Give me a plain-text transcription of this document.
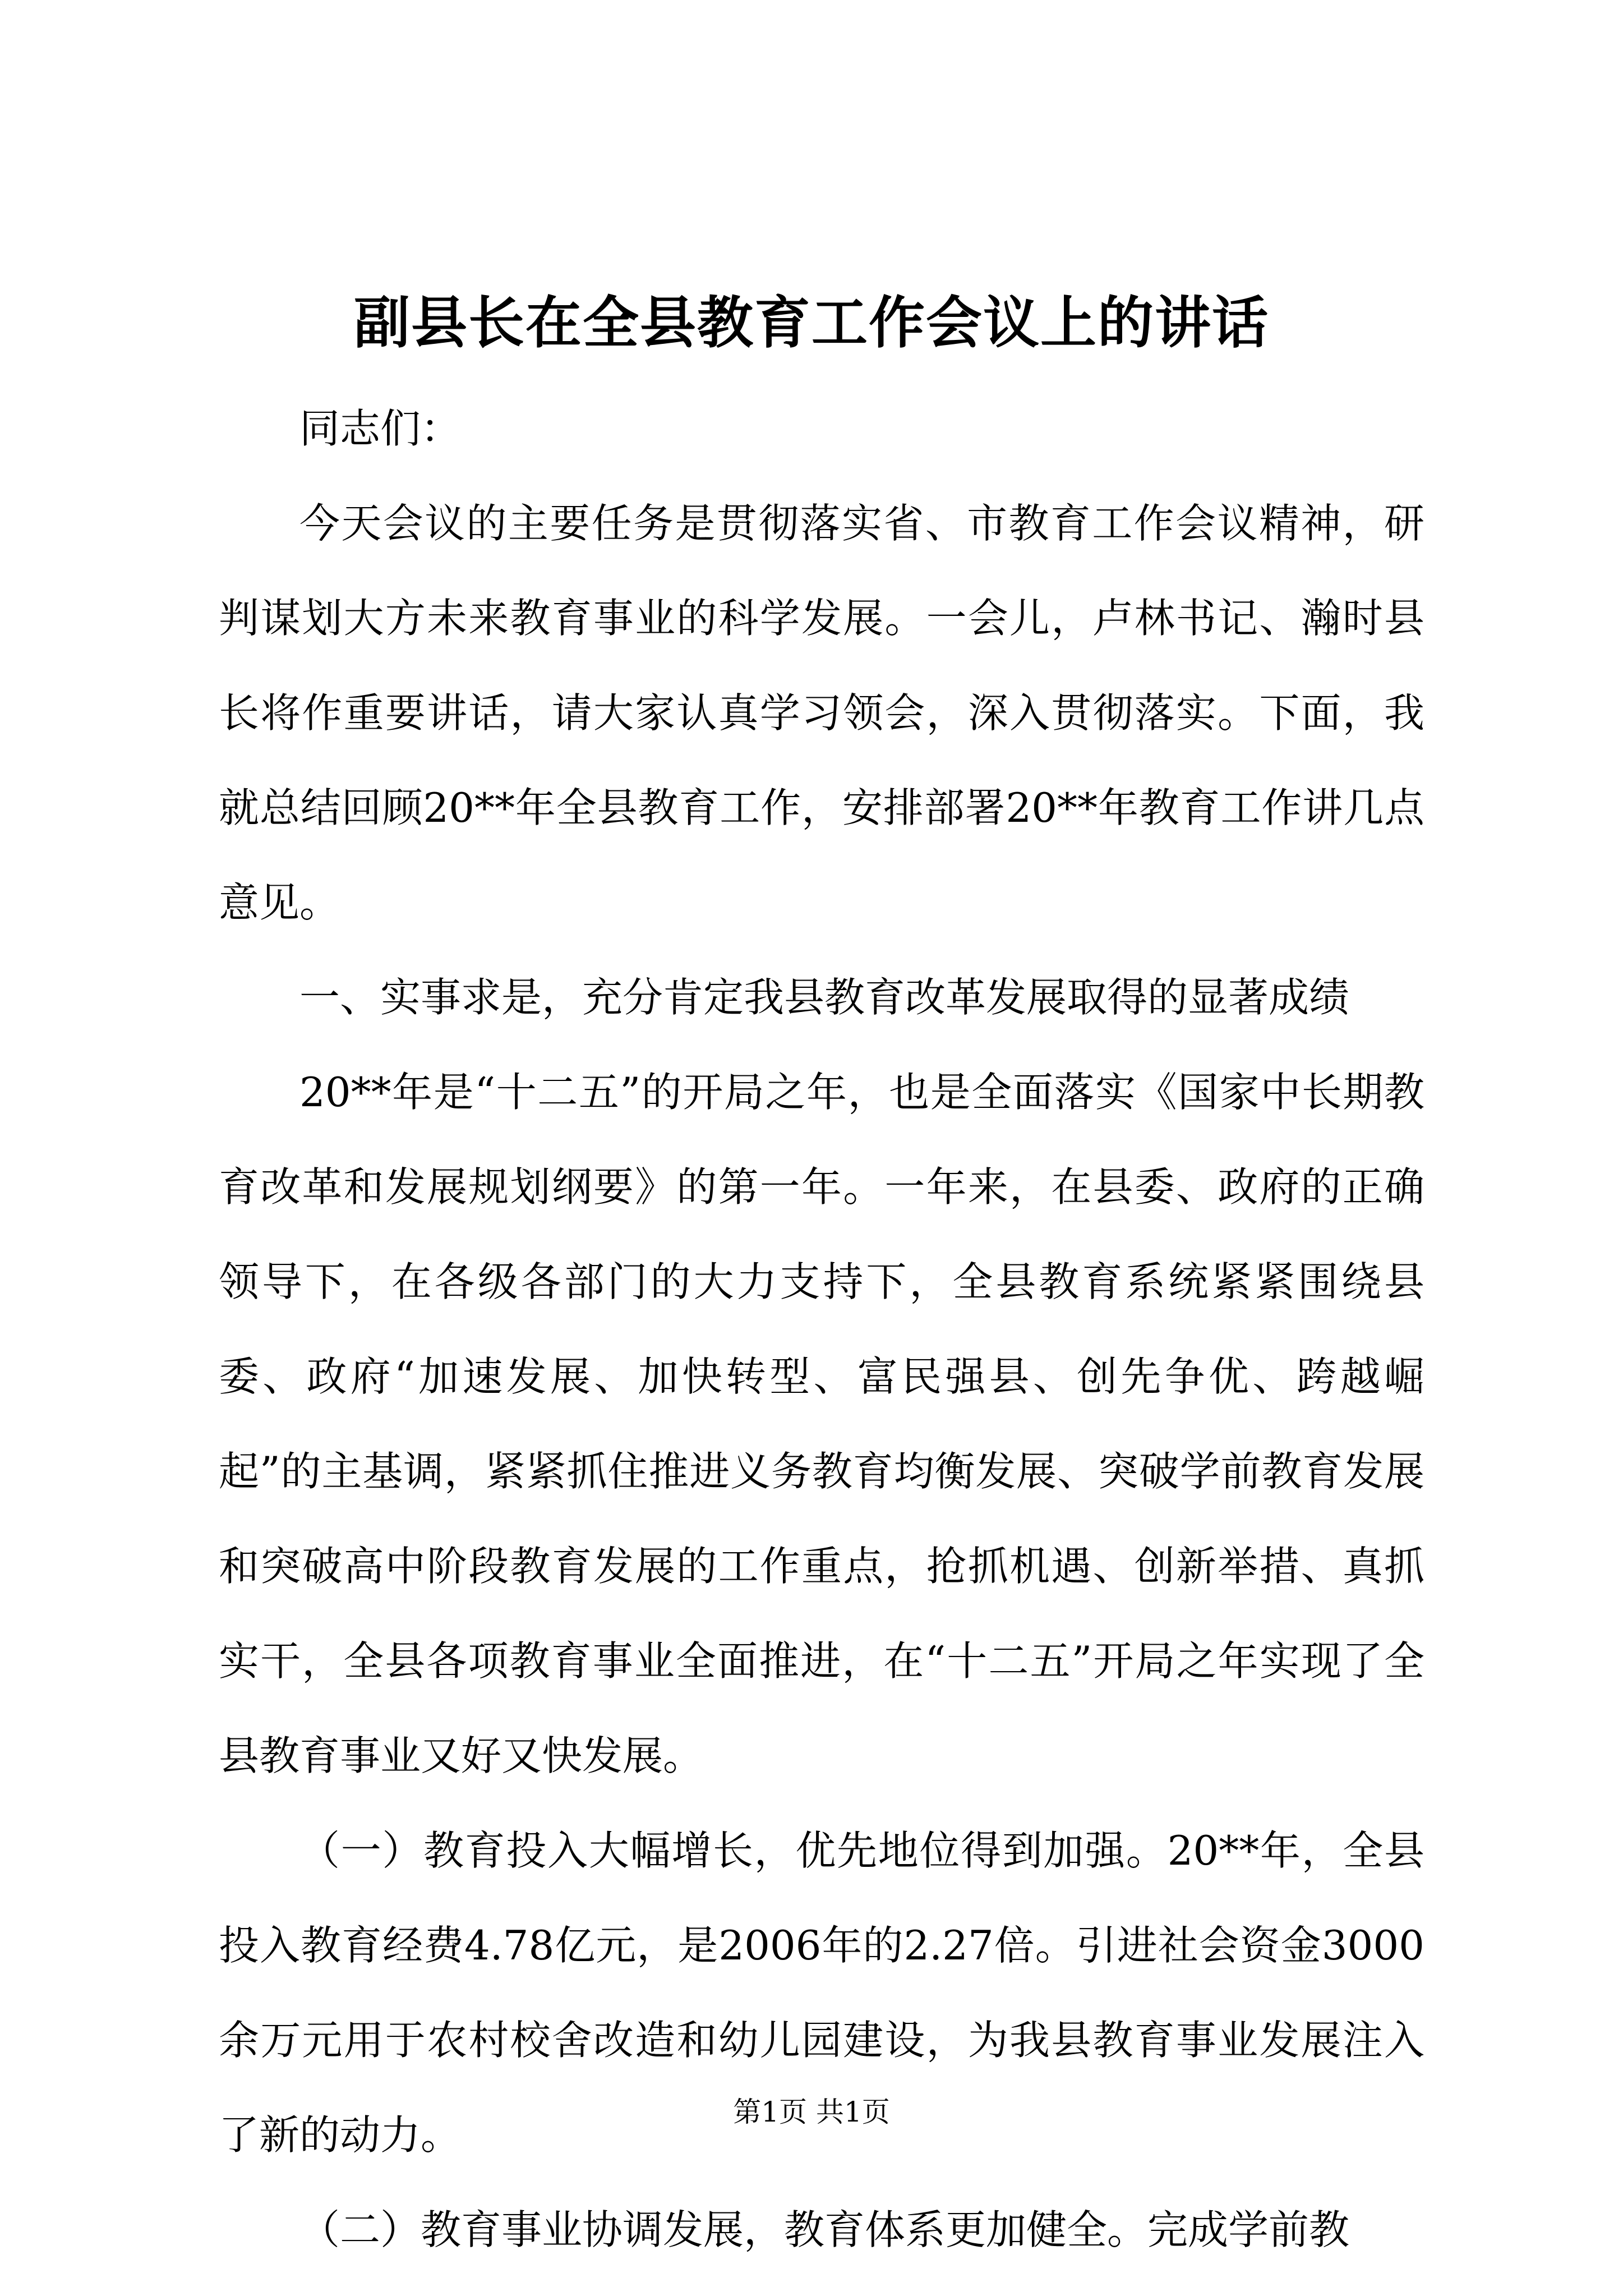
副县长在全县教育工作会议上的讲话

同志们：

今天会议的主要任务是贯彻落实省、市教育工作会议精神，研判谋划大方未来教育事业的科学发展。一会儿，卢林书记、瀚时县长将作重要讲话，请大家认真学习领会，深入贯彻落实。下面，我就总结回顾20**年全县教育工作，安排部署20**年教育工作讲几点意见。

一、实事求是，充分肯定我县教育改革发展取得的显著成绩

20**年是“十二五”的开局之年，也是全面落实《国家中长期教育改革和发展规划纲要》的第一年。一年来，在县委、政府的正确领导下，在各级各部门的大力支持下，全县教育系统紧紧围绕县委、政府“加速发展、加快转型、富民强县、创先争优、跨越崛起”的主基调，紧紧抓住推进义务教育均衡发展、突破学前教育发展和突破高中阶段教育发展的工作重点，抢抓机遇、创新举措、真抓实干，全县各项教育事业全面推进，在“十二五”开局之年实现了全县教育事业又好又快发展。

（一）教育投入大幅增长，优先地位得到加强。20**年，全县投入教育经费4.78亿元，是2006年的2.27倍。引进社会资金3000余万元用于农村校舍改造和幼儿园建设，为我县教育事业发展注入了新的动力。

（二）教育事业协调发展，教育体系更加健全。完成学前教

第1页 共1页
